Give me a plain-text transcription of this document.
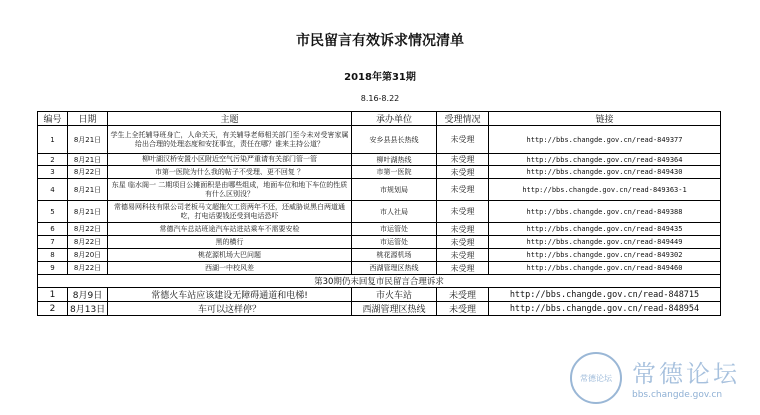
市民留言有效诉求情况清单
2018年第31期
8.16-8.22
编号	日期	主题	承办单位	受理情况	链接
1	8月21日	学生上全托辅导班身亡，人命关天，有关辅导老师相关部门至今未对受害家属给出合理的处理态度和安抚事宜，责任在哪？谁来主持公道？	安乡县县长热线	未受理	http://bbs.changde.gov.cn/read-849377
2	8月21日	柳叶湖汉桥安置小区附近空气污染严重请有关部门管一管	柳叶湖热线	未受理	http://bbs.changde.gov.cn/read-849364
3	8月22日	市第一医院为什么我的帖子不受理、更不回复 ？	市第一医院	未受理	http://bbs.changde.gov.cn/read-849430
4	8月21日	东星 临水阁一 二期项目公摊面积是由哪些组成，地面车位和地下车位的性质有什么区别没？	市规划局	未受理	http://bbs.changde.gov.cn/read-849363-1
5	8月21日	常德易网科技有限公司老板马文超拖欠工资两年不还，还威胁说黑白两道通吃，打电话要钱还受到电话恐吓	市人社局	未受理	http://bbs.changde.gov.cn/read-849388
6	8月22日	常德汽车总站班途汽车站进站乘车不需要安检	市运管处	未受理	http://bbs.changde.gov.cn/read-849435
7	8月22日	黑的横行	市运管处	未受理	http://bbs.changde.gov.cn/read-849449
8	8月20日	桃花源机场大巴问题	桃花源机场	未受理	http://bbs.changde.gov.cn/read-849302
9	8月22日	西湖一中校风差	西湖管理区热线	未受理	http://bbs.changde.gov.cn/read-849460
第30期仍未回复市民留言合理诉求					
1	8月9日	常德火车站应该建设无障碍通道和电梯!	市火车站	未受理	http://bbs.changde.gov.cn/read-848715
2	8月13日	车可以这样停？	西湖管理区热线	未受理	http://bbs.changde.gov.cn/read-848954
常德论坛 常德论坛
bbs.changde.gov.cn
